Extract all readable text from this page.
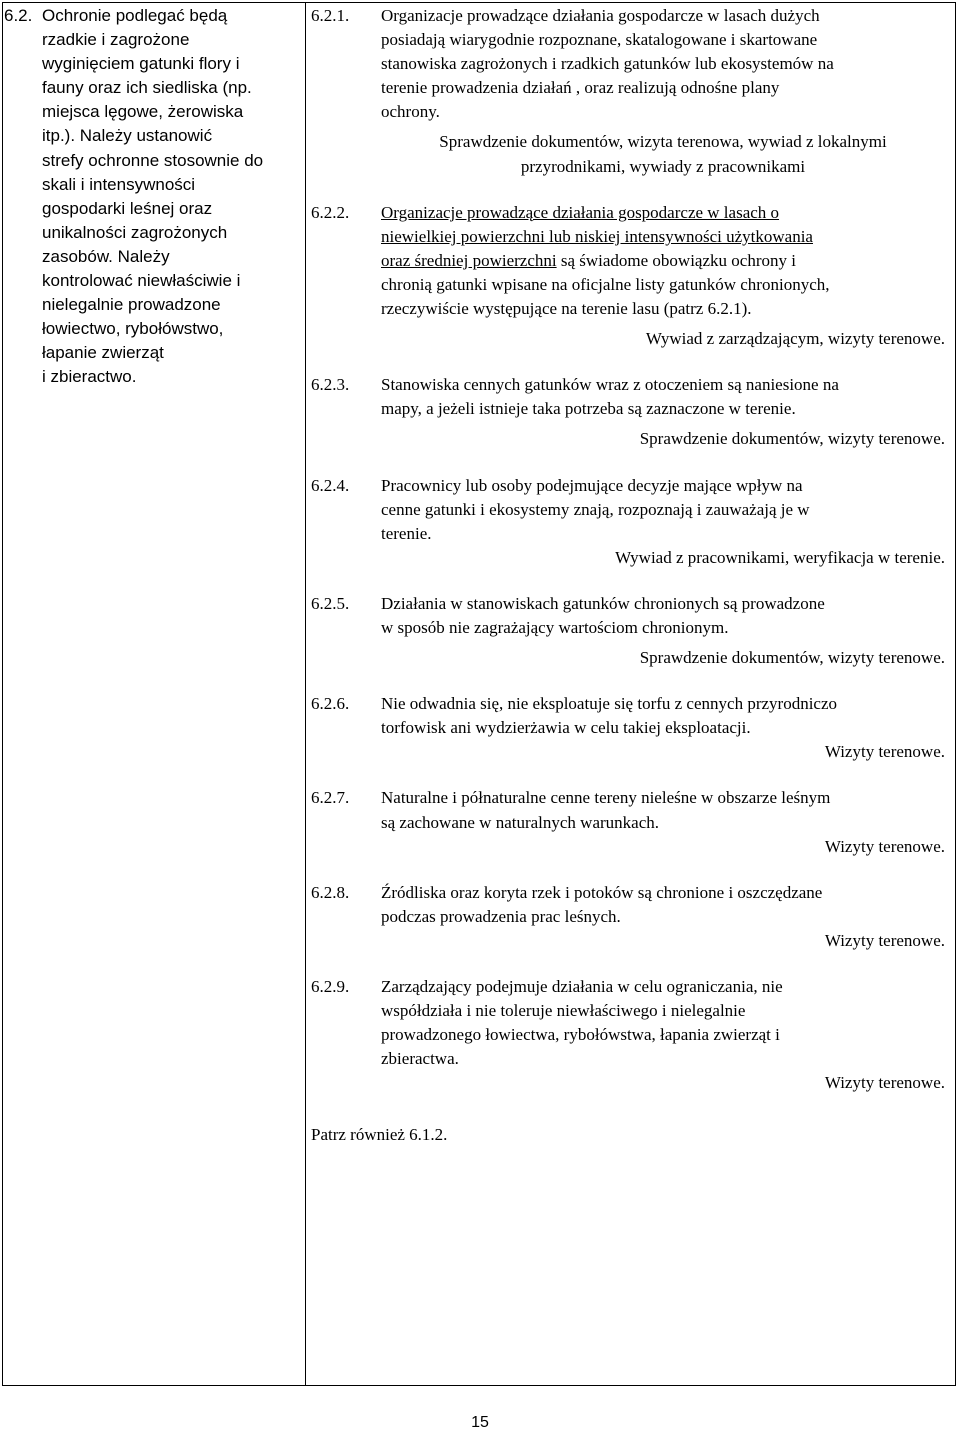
6.2. Ochronie podlegać będą
rzadkie i zagrożone
wyginięciem gatunki flory i
fauny oraz ich siedliska (np.
miejsca lęgowe, żerowiska
itp.). Należy ustanowić
strefy ochronne stosownie do
skali i intensywności
gospodarki leśnej oraz
unikalności zagrożonych
zasobów. Należy
kontrolować niewłaściwie i
nielegalnie prowadzone
łowiectwo, rybołówstwo,
łapanie zwierząt
i zbieractwo.
6.2.1. Organizacje prowadzące działania gospodarcze w lasach dużych
posiadają wiarygodnie rozpoznane, skatalogowane i skartowane
stanowiska zagrożonych i rzadkich gatunków lub ekosystemów na
terenie prowadzenia działań , oraz realizują odnośne plany
ochrony.
Sprawdzenie dokumentów, wizyta terenowa, wywiad z lokalnymi
przyrodnikami, wywiady z pracownikami
6.2.2. Organizacje prowadzące działania gospodarcze w lasach o
niewielkiej powierzchni lub niskiej intensywności użytkowania
oraz średniej powierzchni są świadome obowiązku ochrony i
chronią gatunki wpisane na oficjalne listy gatunków chronionych,
rzeczywiście występujące na terenie lasu (patrz 6.2.1).
Wywiad z zarządzającym, wizyty terenowe.
6.2.3. Stanowiska cennych gatunków wraz z otoczeniem są naniesione na
mapy, a jeżeli istnieje taka potrzeba są zaznaczone w terenie.
Sprawdzenie dokumentów, wizyty terenowe.
6.2.4. Pracownicy lub osoby podejmujące decyzje mające wpływ na
cenne gatunki i ekosystemy znają, rozpoznają i zauważają je w
terenie.
Wywiad z pracownikami, weryfikacja w terenie.
6.2.5. Działania w stanowiskach gatunków chronionych są prowadzone
w sposób nie zagrażający wartościom chronionym.
Sprawdzenie dokumentów, wizyty terenowe.
6.2.6. Nie odwadnia się, nie eksploatuje się torfu z cennych przyrodniczo
torfowisk ani wydzierżawia w celu takiej eksploatacji.
Wizyty terenowe.
6.2.7. Naturalne i półnaturalne cenne tereny nieleśne w obszarze leśnym
są zachowane w naturalnych warunkach.
Wizyty terenowe.
6.2.8. Źródliska oraz koryta rzek i potoków są chronione i oszczędzane
podczas prowadzenia prac leśnych.
Wizyty terenowe.
6.2.9. Zarządzający podejmuje działania w celu ograniczania, nie
współdziała i nie toleruje niewłaściwego i nielegalnie
prowadzonego łowiectwa, rybołówstwa, łapania zwierząt i
zbieractwa.
Wizyty terenowe.
Patrz również 6.1.2.
15
